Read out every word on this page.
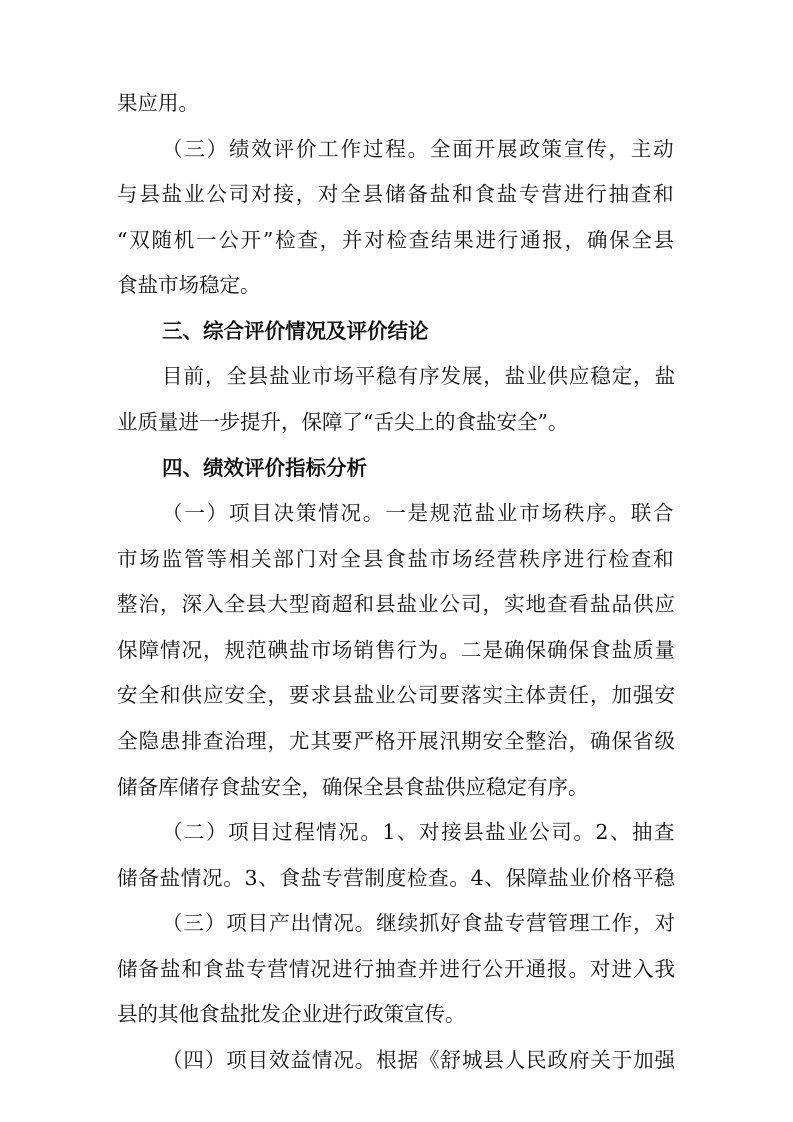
果应用。
（三）绩效评价工作过程。全面开展政策宣传，主动
与县盐业公司对接，对全县储备盐和食盐专营进行抽查和
“双随机一公开”检查，并对检查结果进行通报，确保全县
食盐市场稳定。
三、综合评价情况及评价结论
目前，全县盐业市场平稳有序发展，盐业供应稳定，盐
业质量进一步提升，保障了“舌尖上的食盐安全”。
四、绩效评价指标分析
（一）项目决策情况。一是规范盐业市场秩序。联合
市场监管等相关部门对全县食盐市场经营秩序进行检查和
整治，深入全县大型商超和县盐业公司，实地查看盐品供应
保障情况，规范碘盐市场销售行为。二是确保确保食盐质量
安全和供应安全，要求县盐业公司要落实主体责任，加强安
全隐患排查治理，尤其要严格开展汛期安全整治，确保省级
储备库储存食盐安全，确保全县食盐供应稳定有序。
（二）项目过程情况。1、对接县盐业公司。2、抽查
储备盐情况。3、食盐专营制度检查。4、保障盐业价格平稳
（三）项目产出情况。继续抓好食盐专营管理工作，对
储备盐和食盐专营情况进行抽查并进行公开通报。对进入我
县的其他食盐批发企业进行政策宣传。
（四）项目效益情况。根据《舒城县人民政府关于加强
